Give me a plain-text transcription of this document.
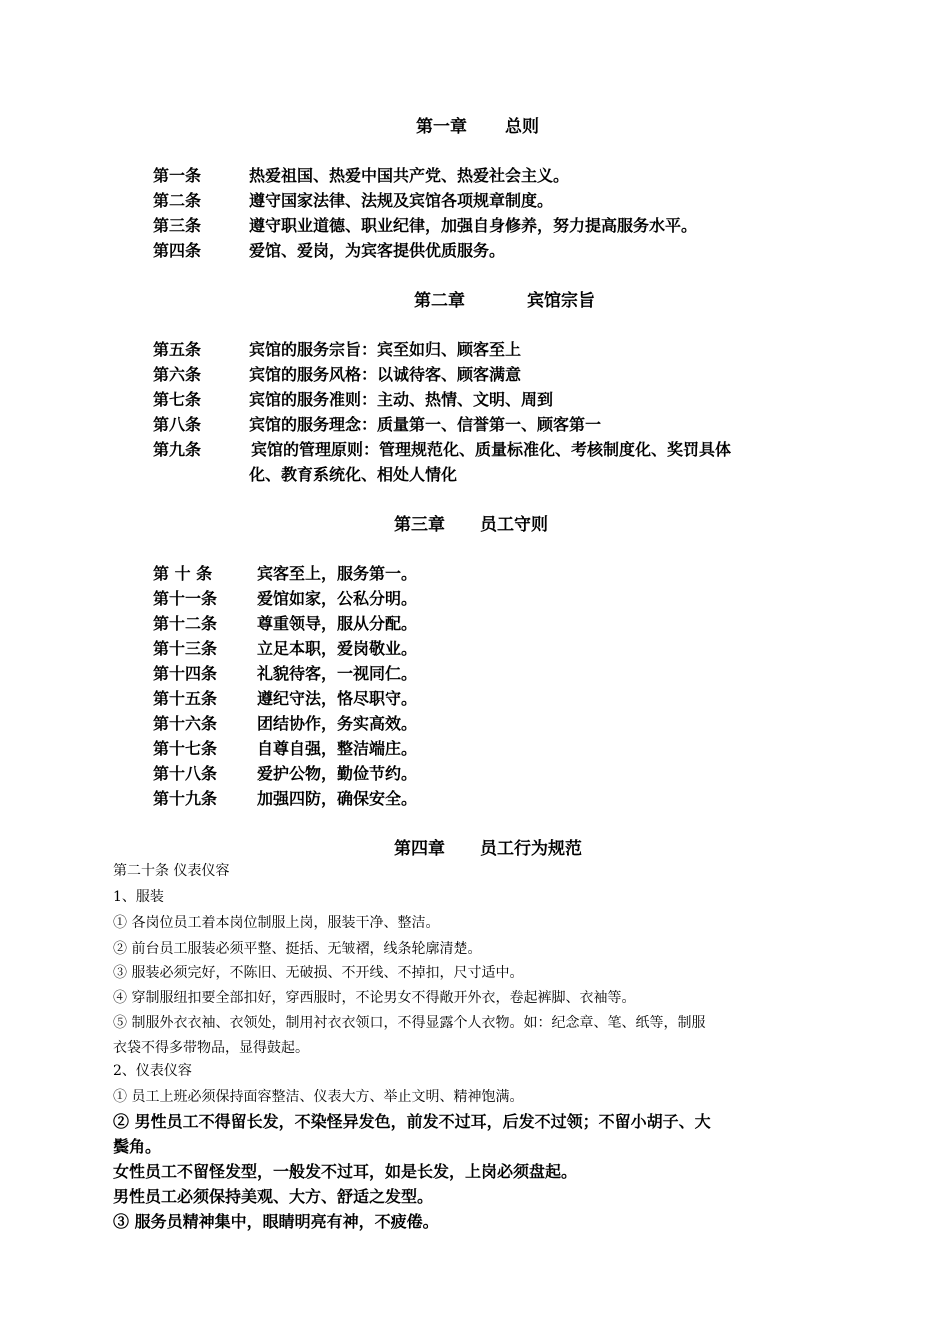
第一章 总则
第一条	热爱祖国、热爱中国共产党、热爱社会主义。
第二条	遵守国家法律、法规及宾馆各项规章制度。
第三条	遵守职业道德、职业纪律，加强自身修养，努力提高服务水平。
第四条	爱馆、爱岗，为宾客提供优质服务。
第二章	宾馆宗旨
第五条	宾馆的服务宗旨：宾至如归、顾客至上
第六条	宾馆的服务风格：以诚待客、顾客满意
第七条	宾馆的服务准则：主动、热情、文明、周到
第八条	宾馆的服务理念：质量第一、信誉第一、顾客第一
第九条	宾馆的管理原则：管理规范化、质量标准化、考核制度化、奖罚具体
化、教育系统化、相处人情化
第三章 员工守则
第 十 条	宾客至上，服务第一。
第十一条 爱馆如家，公私分明。
第十二条 尊重领导，服从分配。
第十三条 立足本职，爱岗敬业。
第十四条 礼貌待客，一视同仁。
第十五条 遵纪守法，恪尽职守。
第十六条 团结协作，务实高效。
第十七条 自尊自强，整洁端庄。
第十八条 爱护公物，勤俭节约。
第十九条 加强四防，确保安全。
第四章 员工行为规范
第二十条 仪表仪容
1、服装
① 各岗位员工着本岗位制服上岗，服装干净、整洁。
② 前台员工服装必须平整、挺括、无皱褶，线条轮廓清楚。
③ 服装必须完好，不陈旧、无破损、不开线、不掉扣，尺寸适中。
④ 穿制服纽扣要全部扣好，穿西服时，不论男女不得敞开外衣，卷起裤脚、衣袖等。
⑤ 制服外衣衣袖、衣领处，制用衬衣衣领口，不得显露个人衣物。如：纪念章、笔、纸等，制服
衣袋不得多带物品，显得鼓起。
2、仪表仪容
① 员工上班必须保持面容整洁、仪表大方、举止文明、精神饱满。
② 男性员工不得留长发，不染怪异发色，前发不过耳，后发不过领；不留小胡子、大
鬓角。
女性员工不留怪发型，一般发不过耳，如是长发，上岗必须盘起。
男性员工必须保持美观、大方、舒适之发型。
③ 服务员精神集中，眼睛明亮有神，不疲倦。
